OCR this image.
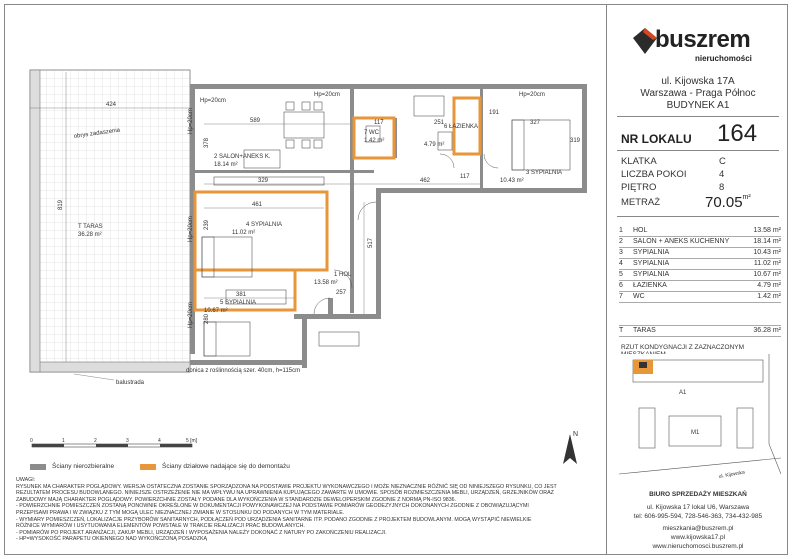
Hp=20cm
Hp=20cm	Hp=20cm
obrys zadaszenia
424
819
T TARAS
36.28 m²
2 SALON+ANEKS K.
18.14 m²
589
329
378
7 WC
1.42 m²
117
117
6 ŁAZIENKA
4.79 m²
251
191
3 SYPIALNIA
10.43 m²
327
319
462
461
4 SYPIALNIA
11.02 m²
239
517
1 HOL
13.58 m²
257
5 SYPIALNIA
10.67 m²
381
280
Hp=20cm
Hp=20cm
Hp=20cm
donica z roślinnością szer. 40cm, h=115cm
balustrada
0	1	2	3	4	5 [m]
N
Ściany nierozbieralne	Ściany działowe nadające się do demontażu
UWAGI:
RYSUNEK MA CHARAKTER POGLĄDOWY. WERSJA OSTATECZNA ZOSTANIE SPORZĄDZONA NA PODSTAWIE PROJEKTU WYKONAWCZEGO I MOŻE NIEZNACZNIE RÓŻNIĆ SIĘ OD NINIEJSZEGO RYSUNKU, CO JEST
REZULTATEM PROCESU BUDOWLANEGO. NINIEJSZE OSTRZEŻENIE NIE MA WPŁYWU NA UPRAWNIENIA KUPUJĄCEGO ZAWARTE W UMOWIE. SPOSÓB ROZMIESZCZENIA MEBLI, URZĄDZEŃ, GRZEJNIKÓW ORAZ
ZABUDOWY MAJĄ CHARAKTER POGLĄDOWY. POWIERZCHNIE ZOSTAŁY PODANE DLA WYKOŃCZENIA W STANDARDZIE DEWELOPERSKIM ZGODNIE Z NORMĄ PN-ISO 9836.
- POWIERZCHNIE POMIESZCZEŃ ZOSTANĄ PONOWNIE OKREŚLONE W DOKUMENTACJI POWYKONAWCZEJ NA PODSTAWIE POMIARÓW GEODEZYJNYCH DOKONANYCH ZGODNIE Z OBOWIĄZUJĄCYMI
PRZEPISAMI PRAWA I W ZWIĄZKU Z TYM MOGĄ ULEC NIEZNACZNEJ ZMIANIE W STOSUNKU DO PODANYCH W TYM MATERIALE.
- WYMIARY POMIESZCZEŃ, LOKALIZACJE PRZYBORÓW SANITARNYCH, PODŁĄCZEŃ POD URZĄDZENIA SANITARNE ITP. PODANO ZGODNIE Z PROJEKTEM BUDOWLANYM. MOGĄ WYSTĄPIĆ NIEWIELKIE
RÓŻNICE WYMIARÓW I USYTUOWANIA ELEMENTÓW POWSTAŁE W TRAKCIE REALIZACJI PRAC BUDOWLANYCH.
- POMIARÓW PO PROJEKT ARANŻACJI, ZAKUP MEBLI, URZĄDZEŃ I WYPOSAŻENIA NALEŻY DOKONAĆ Z NATURY PO ZAKOŃCZENIU REALIZACJI.
- HP=WYSOKOŚĆ PARAPETU OKIENNEGO NAD WYKOŃCZONĄ POSADZKĄ
buszrem
nieruchomości
ul. Kijowska 17A
Warszawa - Praga Północ
BUDYNEK A1
NR LOKALU 164
KLATKA	C
LICZBA POKOI	4
PIĘTRO	8
METRAŻ	$70.05^{m^2}$
1 HOL	13.58 m²
2 SALON + ANEKS KUCHENNY	18.14 m²
3 SYPIALNIA	10.43 m²
4 SYPIALNIA	11.02 m²
5 SYPIALNIA	10.67 m²
6 ŁAZIENKA	4.79 m²
7 WC	1.42 m²
T TARAS	36.28 m²
RZUT KONDYGNACJI Z ZAZNACZONYM
A1
M1
ul. Kijowska
BIURO SPRZEDAŻY MIESZKAŃ
ul. Kijowska 17 lokal U6, Warszawa
tel: 606-995-594, 728-546-363, 734-432-985
mieszkania@buszrem.pl
www.kijowska17.pl
www.nieruchomosci.buszrem.pl
